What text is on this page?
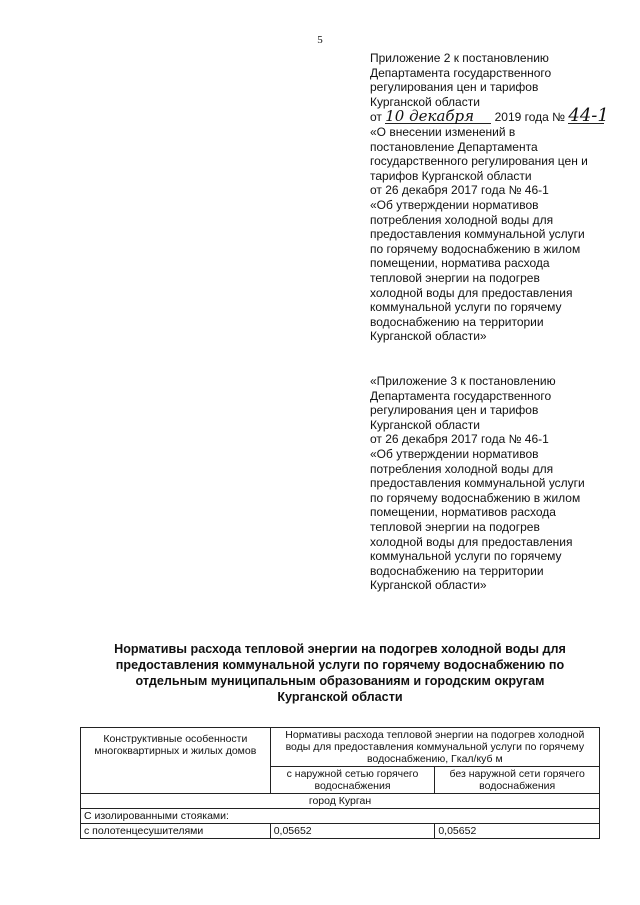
5
Приложение 2 к постановлению
Департамента государственного
регулирования цен и тарифов
Курганской области
от 10 декабря 2019 года № 44-1
«О внесении изменений в
постановление Департамента
государственного регулирования цен и
тарифов Курганской области
от 26 декабря 2017 года № 46-1
«Об утверждении нормативов
потребления холодной воды для
предоставления коммунальной услуги
по горячему водоснабжению в жилом
помещении, норматива расхода
тепловой энергии на подогрев
холодной воды для предоставления
коммунальной услуги по горячему
водоснабжению на территории
Курганской области»
«Приложение 3 к постановлению
Департамента государственного
регулирования цен и тарифов
Курганской области
от 26 декабря 2017 года № 46-1
«Об утверждении нормативов
потребления холодной воды для
предоставления коммунальной услуги
по горячему водоснабжению в жилом
помещении, нормативов расхода
тепловой энергии на подогрев
холодной воды для предоставления
коммунальной услуги по горячему
водоснабжению на территории
Курганской области»
Нормативы расхода тепловой энергии на подогрев холодной воды для
предоставления коммунальной услуги по горячему водоснабжению по
отдельным муниципальным образованиям и городским округам
Курганской области
Конструктивные особенности многоквартирных и жилых домов	Нормативы расхода тепловой энергии на подогрев холодной воды для предоставления коммунальной услуги по горячему водоснабжению, Гкал/куб м	
	с наружной сетью горячего водоснабжения	без наружной сети горячего водоснабжения
город Курган		
С изолированными стояками:		
с полотенцесушителями	0,05652	0,05652
